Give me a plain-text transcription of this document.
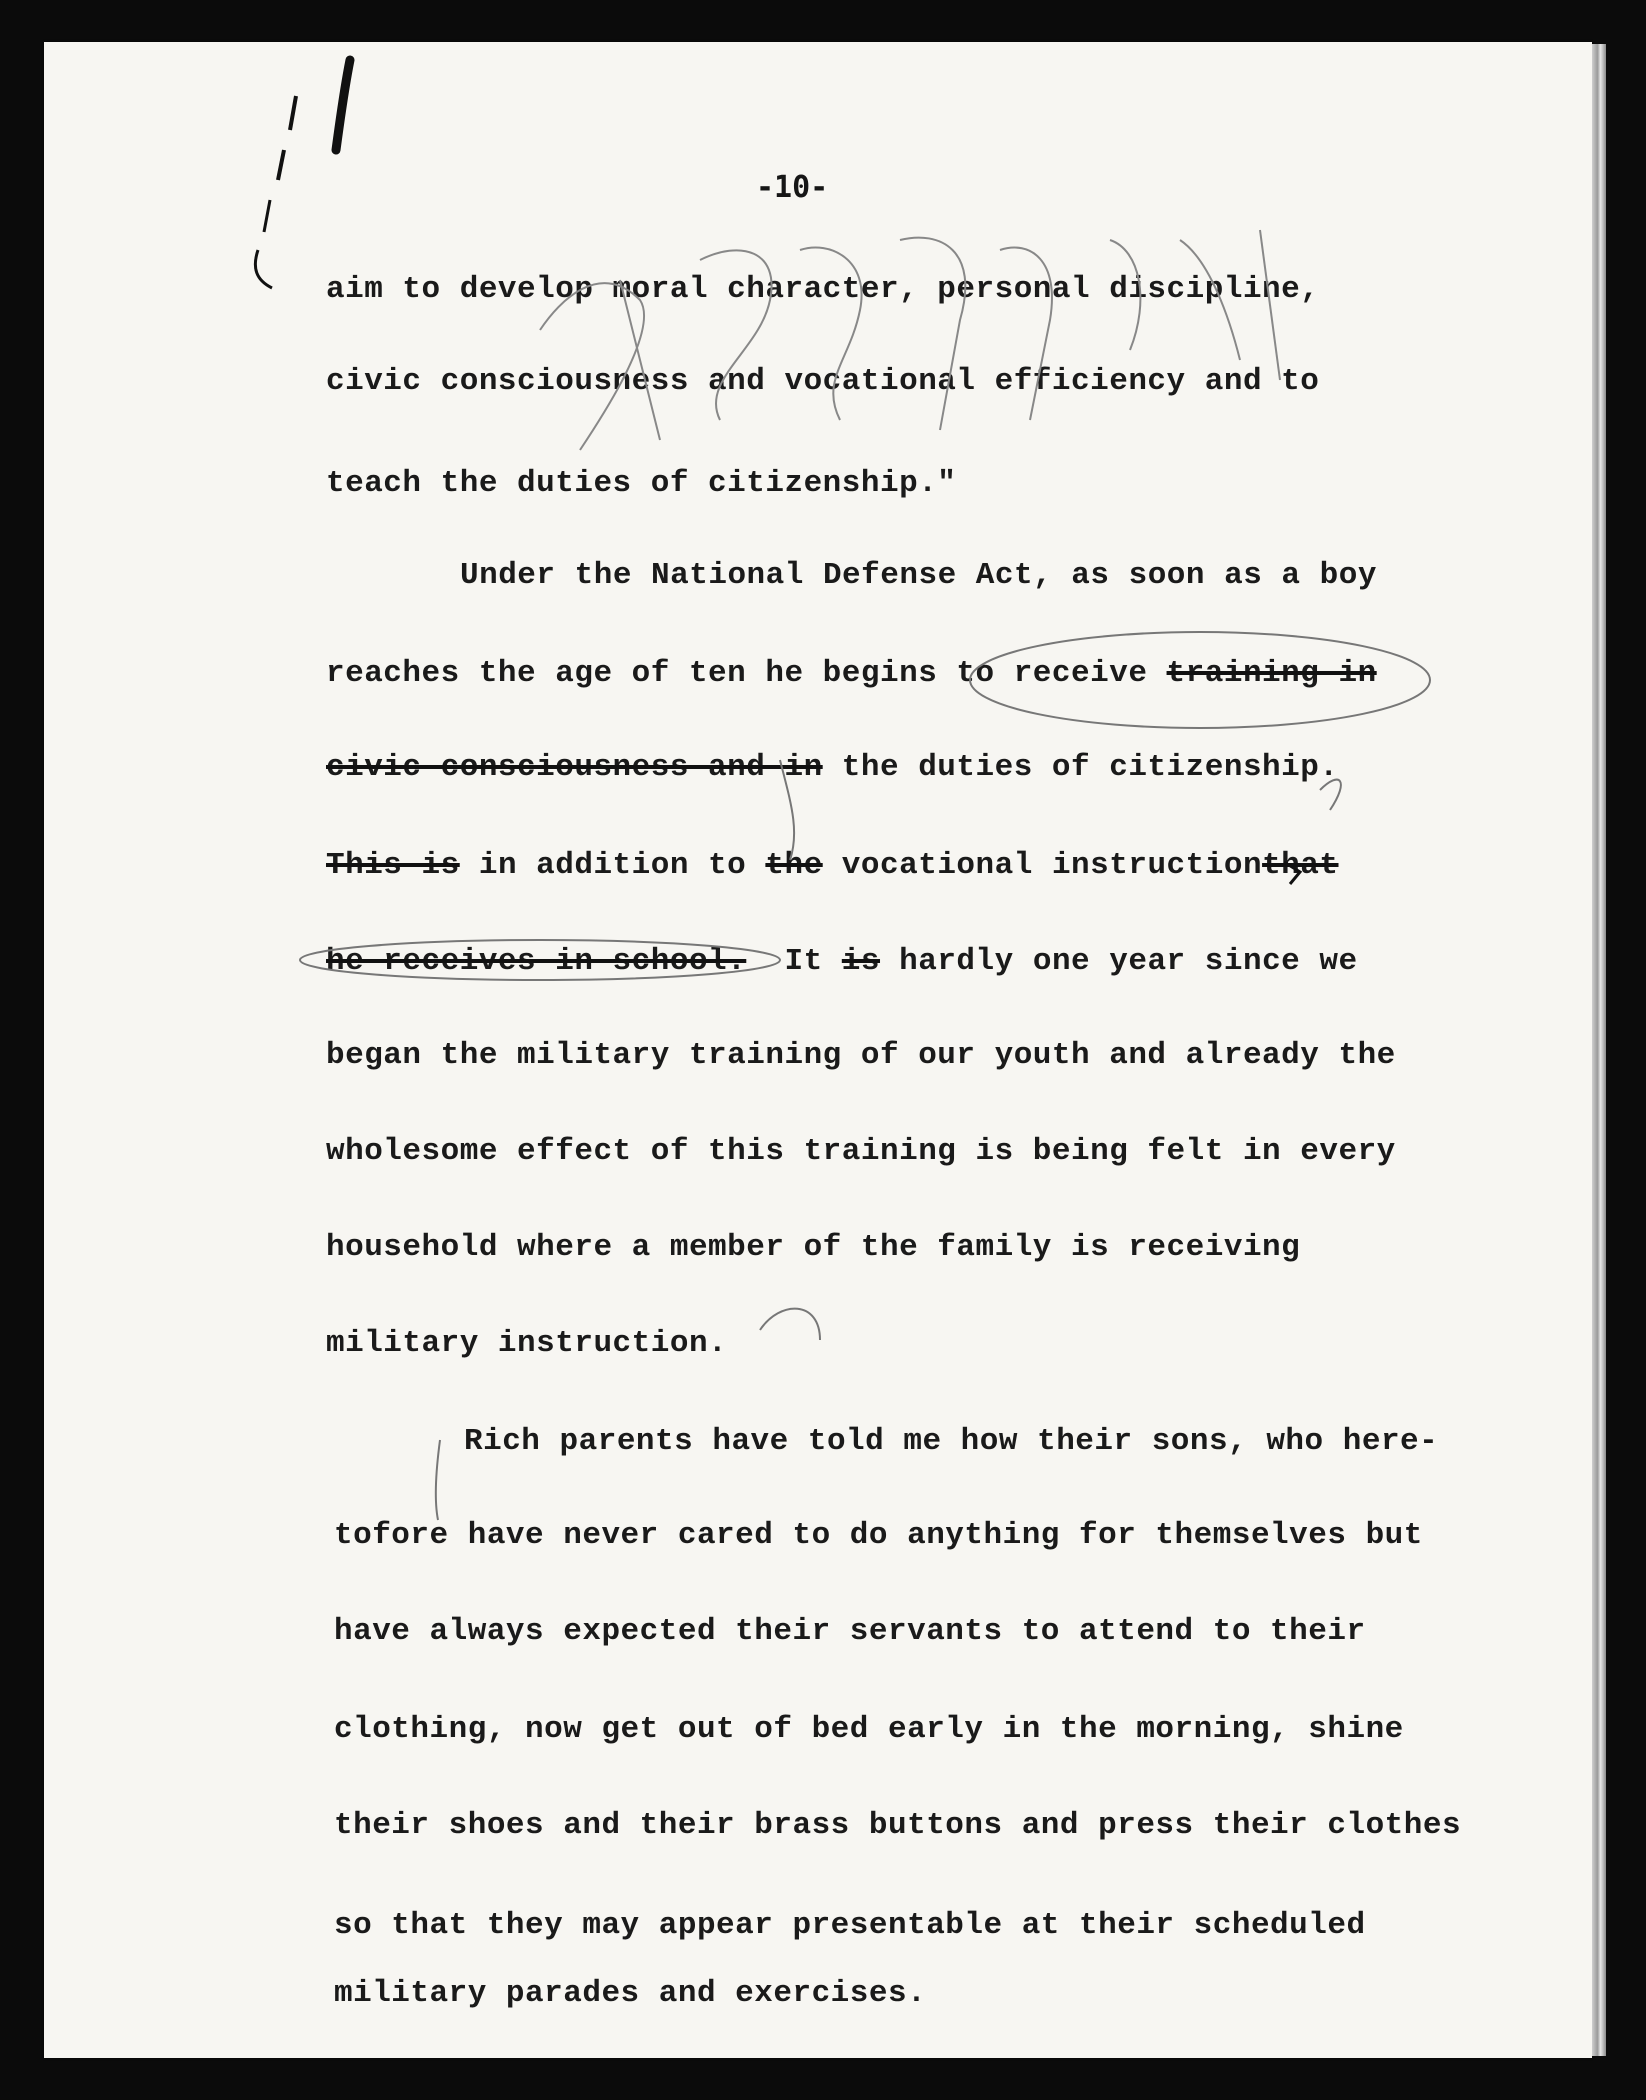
-10-
aim to develop moral character, personal discipline,
civic consciousness and vocational efficiency and to
teach the duties of citizenship."
Under the National Defense Act, as soon as a boy
reaches the age of ten he begins to receive training in
civic consciousness and in the duties of citizenship.
This is in addition to the vocational instructionthat
he receives in school.  It is hardly one year since we
began the military training of our youth and already the
wholesome effect of this training is being felt in every
household where a member of the family is receiving
military instruction.
Rich parents have told me how their sons, who here-
tofore have never cared to do anything for themselves but
have always expected their servants to attend to their
clothing, now get out of bed early in the morning, shine
their shoes and their brass buttons and press their clothes
so that they may appear presentable at their scheduled
military parades and exercises.
